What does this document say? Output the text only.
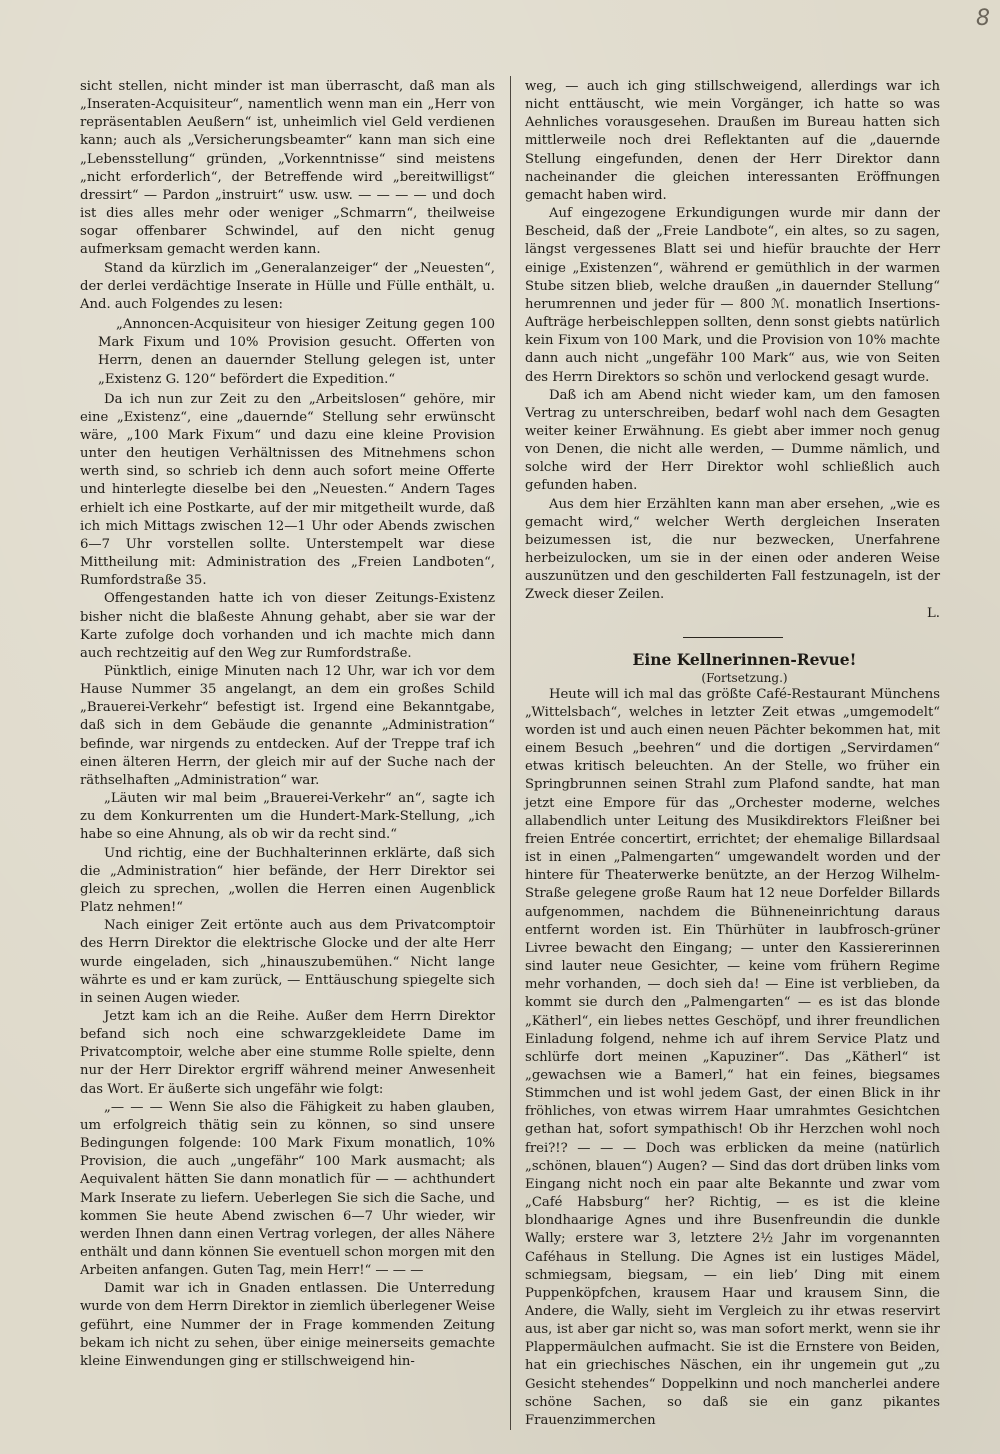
8

sicht stellen, nicht minder ist man überrascht, daß man als „Inseraten-Acquisiteur“, namentlich wenn man ein „Herr von repräsentablen Aeußern“ ist, unheimlich viel Geld verdienen kann; auch als „Versicherungsbeamter“ kann man sich eine „Lebensstellung“ gründen, „Vorkenntnisse“ sind meistens „nicht erforderlich“, der Betreffende wird „bereitwilligst“ dressirt“ — Pardon „instruirt“ usw. usw. — — — — und doch ist dies alles mehr oder weniger „Schmarrn“, theilweise sogar offenbarer Schwindel, auf den nicht genug aufmerksam gemacht werden kann.

Stand da kürzlich im „Generalanzeiger“ der „Neuesten“, der derlei verdächtige Inserate in Hülle und Fülle enthält, u. And. auch Folgendes zu lesen:

„Annoncen-Acquisiteur von hiesiger Zeitung gegen 100 Mark Fixum und 10% Provision gesucht. Offerten von Herrn, denen an dauernder Stellung gelegen ist, unter „Existenz G. 120“ befördert die Expedition.“

Da ich nun zur Zeit zu den „Arbeitslosen“ gehöre, mir eine „Existenz“, eine „dauernde“ Stellung sehr erwünscht wäre, „100 Mark Fixum“ und dazu eine kleine Provision unter den heutigen Verhältnissen des Mitnehmens schon werth sind, so schrieb ich denn auch sofort meine Offerte und hinterlegte dieselbe bei den „Neuesten.“ Andern Tages erhielt ich eine Postkarte, auf der mir mitgetheilt wurde, daß ich mich Mittags zwischen 12—1 Uhr oder Abends zwischen 6—7 Uhr vorstellen sollte. Unterstempelt war diese Mittheilung mit: Administration des „Freien Landboten“, Rumfordstraße 35.

Offengestanden hatte ich von dieser Zeitungs-Existenz bisher nicht die blaßeste Ahnung gehabt, aber sie war der Karte zufolge doch vorhanden und ich machte mich dann auch rechtzeitig auf den Weg zur Rumfordstraße.

Pünktlich, einige Minuten nach 12 Uhr, war ich vor dem Hause Nummer 35 angelangt, an dem ein großes Schild „Brauerei-Verkehr“ befestigt ist. Irgend eine Bekanntgabe, daß sich in dem Gebäude die genannte „Administration“ befinde, war nirgends zu entdecken. Auf der Treppe traf ich einen älteren Herrn, der gleich mir auf der Suche nach der räthselhaften „Administration“ war.

„Läuten wir mal beim „Brauerei-Verkehr“ an“, sagte ich zu dem Konkurrenten um die Hundert-Mark-Stellung, „ich habe so eine Ahnung, als ob wir da recht sind.“

Und richtig, eine der Buchhalterinnen erklärte, daß sich die „Administration“ hier befände, der Herr Direktor sei gleich zu sprechen, „wollen die Herren einen Augenblick Platz nehmen!“

Nach einiger Zeit ertönte auch aus dem Privatcomptoir des Herrn Direktor die elektrische Glocke und der alte Herr wurde eingeladen, sich „hinauszubemühen.“ Nicht lange währte es und er kam zurück, — Enttäuschung spiegelte sich in seinen Augen wieder.

Jetzt kam ich an die Reihe. Außer dem Herrn Direktor befand sich noch eine schwarzgekleidete Dame im Privatcomptoir, welche aber eine stumme Rolle spielte, denn nur der Herr Direktor ergriff während meiner Anwesenheit das Wort. Er äußerte sich ungefähr wie folgt:

„— — — Wenn Sie also die Fähigkeit zu haben glauben, um erfolgreich thätig sein zu können, so sind unsere Bedingungen folgende: 100 Mark Fixum monatlich, 10% Provision, die auch „ungefähr“ 100 Mark ausmacht; als Aequivalent hätten Sie dann monatlich für — — achthundert Mark Inserate zu liefern. Ueberlegen Sie sich die Sache, und kommen Sie heute Abend zwischen 6—7 Uhr wieder, wir werden Ihnen dann einen Vertrag vorlegen, der alles Nähere enthält und dann können Sie eventuell schon morgen mit den Arbeiten anfangen. Guten Tag, mein Herr!“ — — —

Damit war ich in Gnaden entlassen. Die Unterredung wurde von dem Herrn Direktor in ziemlich überlegener Weise geführt, eine Nummer der in Frage kommenden Zeitung bekam ich nicht zu sehen, über einige meinerseits gemachte kleine Einwendungen ging er stillschweigend hin-

weg, — auch ich ging stillschweigend, allerdings war ich nicht enttäuscht, wie mein Vorgänger, ich hatte so was Aehnliches vorausgesehen. Draußen im Bureau hatten sich mittlerweile noch drei Reflektanten auf die „dauernde Stellung eingefunden, denen der Herr Direktor dann nacheinander die gleichen interessanten Eröffnungen gemacht haben wird.

Auf eingezogene Erkundigungen wurde mir dann der Bescheid, daß der „Freie Landbote“, ein altes, so zu sagen, längst vergessenes Blatt sei und hiefür brauchte der Herr einige „Existenzen“, während er gemüthlich in der warmen Stube sitzen blieb, welche draußen „in dauernder Stellung“ herumrennen und jeder für — 800 ℳ. monatlich Insertions-Aufträge herbeischleppen sollten, denn sonst giebts natürlich kein Fixum von 100 Mark, und die Provision von 10% machte dann auch nicht „ungefähr 100 Mark“ aus, wie von Seiten des Herrn Direktors so schön und verlockend gesagt wurde.

Daß ich am Abend nicht wieder kam, um den famosen Vertrag zu unterschreiben, bedarf wohl nach dem Gesagten weiter keiner Erwähnung. Es giebt aber immer noch genug von Denen, die nicht alle werden, — Dumme nämlich, und solche wird der Herr Direktor wohl schließlich auch gefunden haben.

Aus dem hier Erzählten kann man aber ersehen, „wie es gemacht wird,“ welcher Werth dergleichen Inseraten beizumessen ist, die nur bezwecken, Unerfahrene herbeizulocken, um sie in der einen oder anderen Weise auszunützen und den geschilderten Fall festzunageln, ist der Zweck dieser Zeilen.

L.

Eine Kellnerinnen-Revue!

(Fortsetzung.)

Heute will ich mal das größte Café-Restaurant Münchens „Wittelsbach“, welches in letzter Zeit etwas „umgemodelt“ worden ist und auch einen neuen Pächter bekommen hat, mit einem Besuch „beehren“ und die dortigen „Servirdamen“ etwas kritisch beleuchten. An der Stelle, wo früher ein Springbrunnen seinen Strahl zum Plafond sandte, hat man jetzt eine Empore für das „Orchester moderne, welches allabendlich unter Leitung des Musikdirektors Fleißner bei freien Entrée concertirt, errichtet; der ehemalige Billardsaal ist in einen „Palmengarten“ umgewandelt worden und der hintere für Theaterwerke benützte, an der Herzog Wilhelm-Straße gelegene große Raum hat 12 neue Dorfelder Billards aufgenommen, nachdem die Bühneneinrichtung daraus entfernt worden ist. Ein Thürhüter in laubfrosch-grüner Livree bewacht den Eingang; — unter den Kassiererinnen sind lauter neue Gesichter, — keine vom frühern Regime mehr vorhanden, — doch sieh da! — Eine ist verblieben, da kommt sie durch den „Palmengarten“ — es ist das blonde „Kätherl“, ein liebes nettes Geschöpf, und ihrer freundlichen Einladung folgend, nehme ich auf ihrem Service Platz und schlürfe dort meinen „Kapuziner“. Das „Kätherl“ ist „gewachsen wie a Bamerl,“ hat ein feines, biegsames Stimmchen und ist wohl jedem Gast, der einen Blick in ihr fröhliches, von etwas wirrem Haar umrahmtes Gesichtchen gethan hat, sofort sympathisch! Ob ihr Herzchen wohl noch frei?!? — — — Doch was erblicken da meine (natürlich „schönen, blauen“) Augen? — Sind das dort drüben links vom Eingang nicht noch ein paar alte Bekannte und zwar vom „Café Habsburg“ her? Richtig, — es ist die kleine blondhaarige Agnes und ihre Busenfreundin die dunkle Wally; erstere war 3, letztere 2½ Jahr im vorgenannten Caféhaus in Stellung. Die Agnes ist ein lustiges Mädel, schmiegsam, biegsam, — ein lieb’ Ding mit einem Puppenköpfchen, krausem Haar und krausem Sinn, die Andere, die Wally, sieht im Vergleich zu ihr etwas reservirt aus, ist aber gar nicht so, was man sofort merkt, wenn sie ihr Plappermäulchen aufmacht. Sie ist die Ernstere von Beiden, hat ein griechisches Näschen, ein ihr ungemein gut „zu Gesicht stehendes“ Doppelkinn und noch mancherlei andere schöne Sachen, so daß sie ein ganz pikantes Frauenzimmerchen
